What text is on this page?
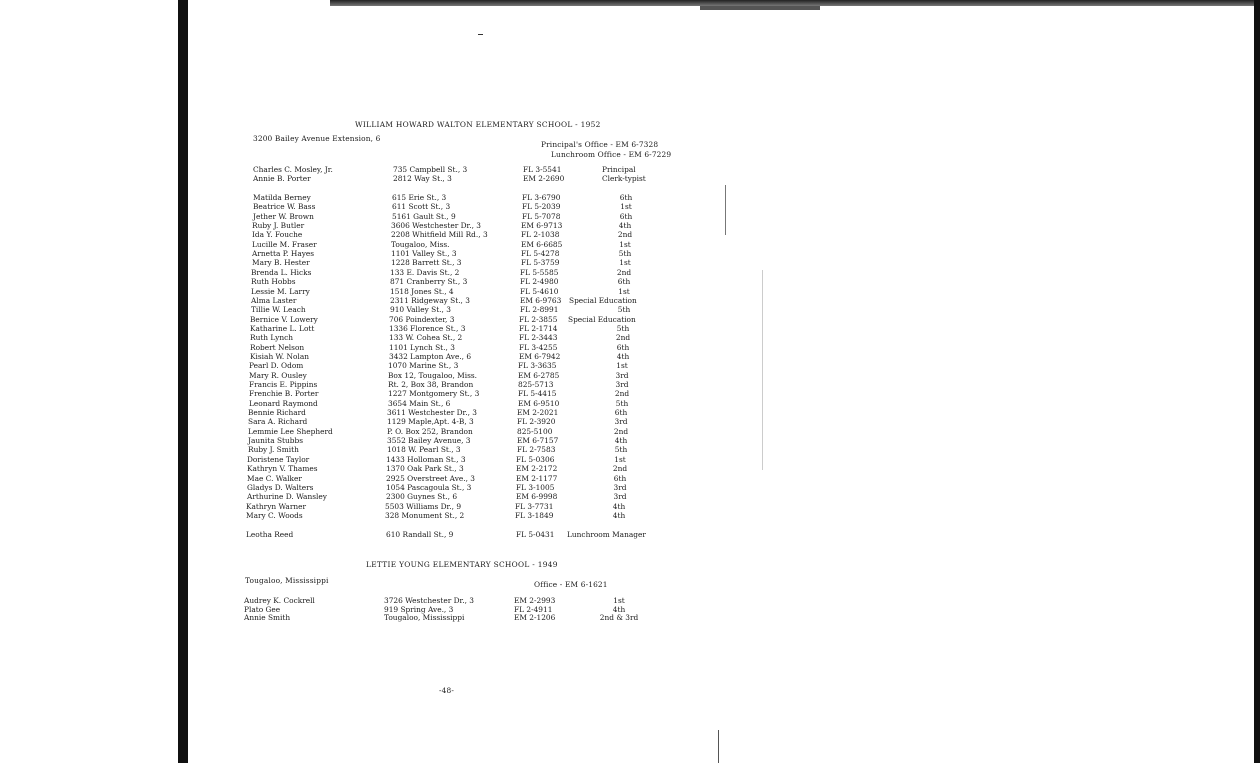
WILLIAM HOWARD WALTON ELEMENTARY SCHOOL - 1952
3200 Bailey Avenue Extension, 6
Principal's Office - EM 6-7328
Lunchroom Office - EM 6-7229
Charles C. Mosley, Jr.	735 Campbell St., 3	FL 3-5541	Principal
Annie B. Porter	2812 Way St., 3	EM 2-2690	Clerk-typist
Matilda Berney	615 Erie St., 3	FL 3-6790	6th
Beatrice W. Bass	611 Scott St., 3	FL 5-2039	1st
Jether W. Brown	5161 Gault St., 9	FL 5-7078	6th
Ruby J. Butler	3606 Westchester Dr., 3	EM 6-9713	4th
Ida Y. Fouche	2208 Whitfield Mill Rd., 3	FL 2-1038	2nd
Lucille M. Fraser	Tougaloo, Miss.	EM 6-6685	1st
Arnetta P. Hayes	1101 Valley St., 3	FL 5-4278	5th
Mary B. Hester	1228 Barrett St., 3	FL 5-3759	1st
Brenda L. Hicks	133 E. Davis St., 2	FL 5-5585	2nd
Ruth Hobbs	871 Cranberry St., 3	FL 2-4980	6th
Lessie M. Larry	1518 Jones St., 4	FL 5-4610	1st
Alma Laster	2311 Ridgeway St., 3	EM 6-9763 Special Education
Tillie W. Leach	910 Valley St., 3	FL 2-8991	5th
Bernice V. Lowery	706 Poindexter, 3	FL 2-3855 Special Education
Katharine L. Lott	1336 Florence St., 3	FL 2-1714	5th
Ruth Lynch	133 W. Cohea St., 2	FL 2-3443	2nd
Robert Nelson	1101 Lynch St., 3	FL 3-4255	6th
Kisiah W. Nolan	3432 Lampton Ave., 6	EM 6-7942	4th
Pearl D. Odom	1070 Marine St., 3	FL 3-3635	1st
Mary R. Ousley	Box 12, Tougaloo, Miss.	EM 6-2785	3rd
Francis E. Pippins	Rt. 2, Box 38, Brandon	825-5713	3rd
Frenchie B. Porter	1227 Montgomery St., 3	FL 5-4415	2nd
Leonard Raymond	3654 Main St., 6	EM 6-9510	5th
Bennie Richard	3611 Westchester Dr., 3	EM 2-2021	6th
Sara A. Richard	1129 Maple,Apt. 4-B, 3	FL 2-3920	3rd
Lemmie Lee Shepherd	P. O. Box 252, Brandon	825-5100	2nd
Jaunita Stubbs	3552 Bailey Avenue, 3	EM 6-7157	4th
Ruby J. Smith	1018 W. Pearl St., 3	FL 2-7583	5th
Doristene Taylor	1433 Holloman St., 3	FL 5-0306	1st
Kathryn V. Thames	1370 Oak Park St., 3	EM 2-2172	2nd
Mae C. Walker	2925 Overstreet Ave., 3	EM 2-1177	6th
Gladys D. Walters	1054 Pascagoula St., 3	FL 3-1005	3rd
Arthurine D. Wansley	2300 Guynes St., 6	EM 6-9998	3rd
Kathryn Warner	5503 Williams Dr., 9	FL 3-7731	4th
Mary C. Woods	328 Monument St., 2	FL 3-1849	4th
Leotha Reed	610 Randall St., 9	FL 5-0431 Lunchroom Manager
LETTIE YOUNG ELEMENTARY SCHOOL - 1949
Tougaloo, Mississippi	Office - EM 6-1621
Audrey K. Cockrell	3726 Westchester Dr., 3	EM 2-2993	1st
Plato Gee	919 Spring Ave., 3	FL 2-4911	4th
Annie Smith	Tougaloo, Mississippi	EM 2-1206	2nd & 3rd
-48-
